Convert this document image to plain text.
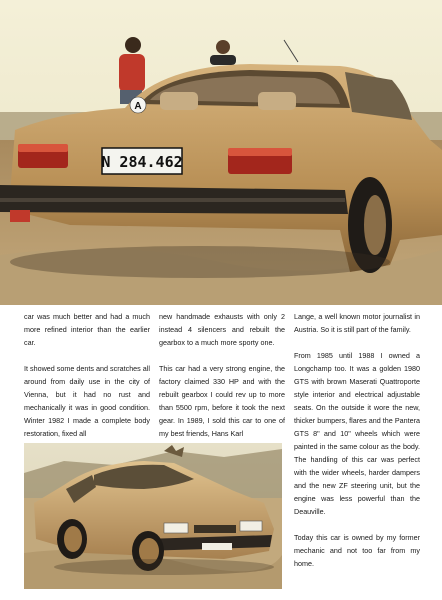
A
N 284.462

car was much better and had a much more refined interior than the earlier car.

It showed some dents and scratches all around from daily use in the city of Vienna, but it had no rust and mechanically it was in good condition. Winter 1982 I made a complete body restoration, fixed all

new handmade exhausts with only 2 instead 4 silencers and rebuilt the gearbox to a much more sporty one.

This car had a very strong engine, the factory claimed 330 HP and with the rebuilt gearbox I could rev up to more than 5500 rpm, before it took the next gear. In 1989, I sold this car to one of my best friends, Hans Karl

Lange, a well known motor journalist in Austria. So it is still part of the family.

From 1985 until 1988 I owned a Longchamp too. It was a golden 1980 GTS with brown Maserati Quattroporte style interior and electrical adjustable seats. On the outside it wore the new, thicker bumpers, flares and the Pantera GTS 8" and 10" wheels which were painted in the same colour as the body. The handling of this car was perfect with the wider wheels, harder dampers and the new ZF steering unit, but the engine was less powerful than the Deauville.

Today this car is owned by my former mechanic and not too far from my home.
